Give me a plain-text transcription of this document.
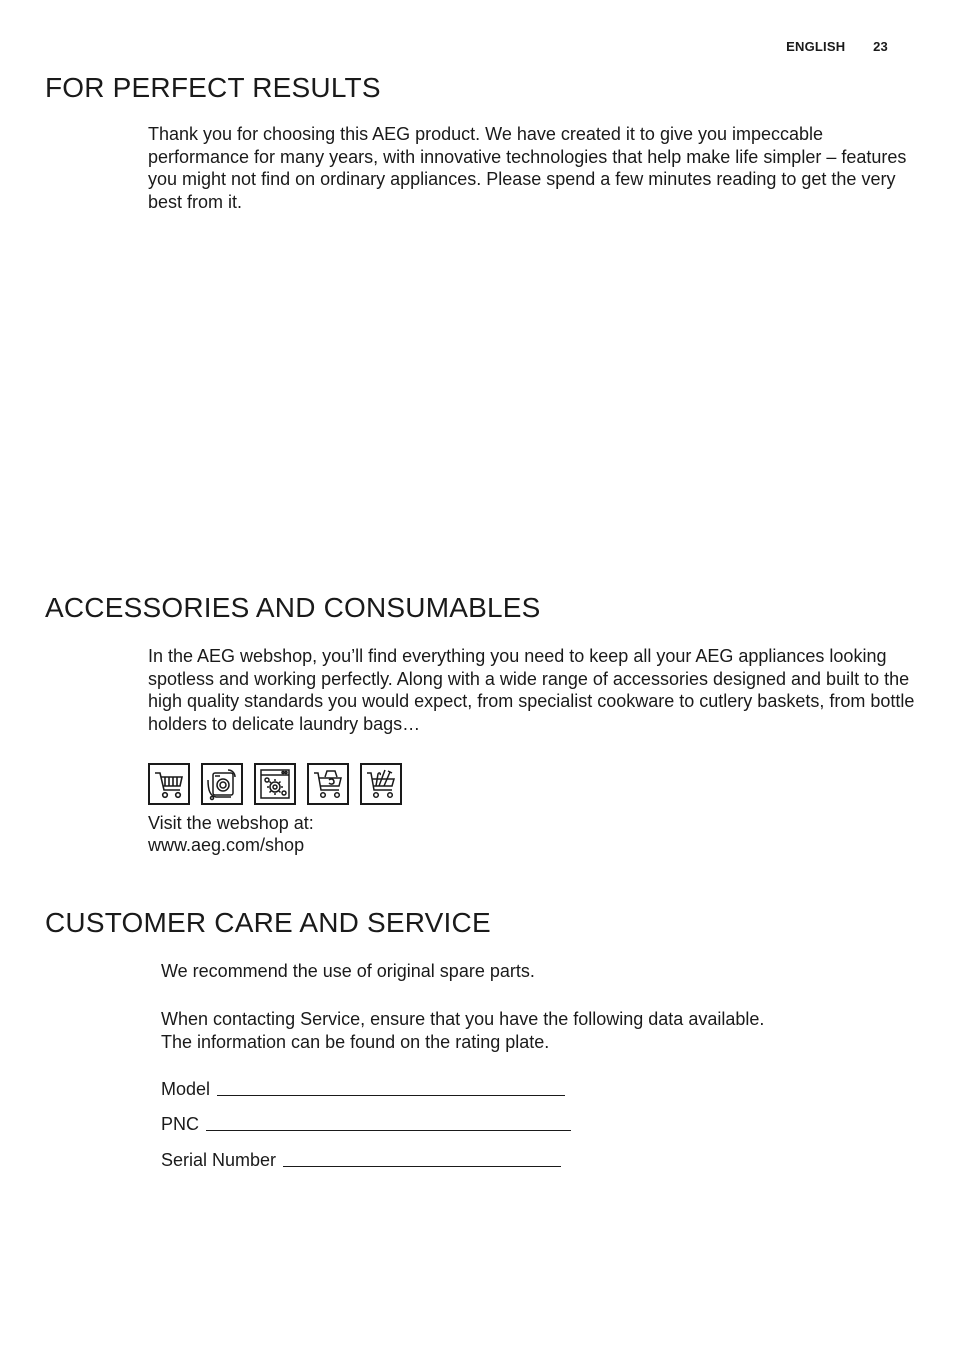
ENGLISH 23
FOR PERFECT RESULTS

Thank you for choosing this AEG product. We have created it to give you impeccable performance for many years, with innovative technologies that help make life simpler – features you might not find on ordinary appliances. Please spend a few minutes reading to get the very best from it.

ACCESSORIES AND CONSUMABLES

In the AEG webshop, you’ll find everything you need to keep all your AEG appliances looking spotless and working perfectly. Along with a wide range of accessories designed and built to the high quality standards you would expect, from specialist cookware to cutlery baskets, from bottle holders to delicate laundry bags…

Visit the webshop at:

www.aeg.com/shop

CUSTOMER CARE AND SERVICE

We recommend the use of original spare parts.

When contacting Service, ensure that you have the following data available.

The information can be found on the rating plate.

Model
PNC
Serial Number
